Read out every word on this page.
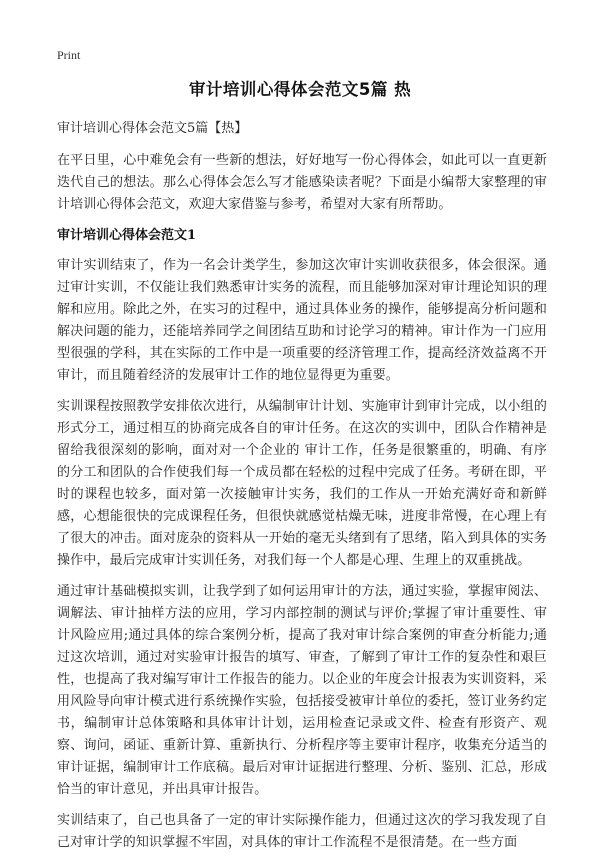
Print
审计培训心得体会范文5篇 热

审计培训心得体会范文5篇【热】

在平日里，心中难免会有一些新的想法，好好地写一份心得体会，如此可以一直更新迭代自己的想法。那么心得体会怎么写才能感染读者呢？下面是小编帮大家整理的审计培训心得体会范文，欢迎大家借鉴与参考，希望对大家有所帮助。

审计培训心得体会范文1

审计实训结束了，作为一名会计类学生，参加这次审计实训收获很多，体会很深。通过审计实训，不仅能让我们熟悉审计实务的流程，而且能够加深对审计理论知识的理解和应用。除此之外，在实习的过程中，通过具体业务的操作，能够提高分析问题和解决问题的能力，还能培养同学之间团结互助和讨论学习的精神。审计作为一门应用型很强的学科，其在实际的工作中是一项重要的经济管理工作，提高经济效益离不开审计，而且随着经济的发展审计工作的地位显得更为重要。

实训课程按照教学安排依次进行，从编制审计计划、实施审计到审计完成，以小组的形式分工，通过相互的协商完成各自的审计任务。在这次的实训中，团队合作精神是留给我很深刻的影响，面对对一个企业的 审计工作，任务是很繁重的，明确、有序的分工和团队的合作使我们每一个成员都在轻松的过程中完成了任务。考研在即，平时的课程也较多，面对第一次接触审计实务，我们的工作从一开始充满好奇和新鲜感，心想能很快的完成课程任务，但很快就感觉枯燥无味，进度非常慢，在心理上有了很大的冲击。面对庞杂的资料从一开始的毫无头绪到有了思绪，陷入到具体的实务操作中，最后完成审计实训任务，对我们每一个人都是心理、生理上的双重挑战。

通过审计基础模拟实训，让我学到了如何运用审计的方法，通过实验，掌握审阅法、调解法、审计抽样方法的应用，学习内部控制的测试与评价;掌握了审计重要性、审计风险应用;通过具体的综合案例分析，提高了我对审计综合案例的审查分析能力;通过这次培训，通过对实验审计报告的填写、审查，了解到了审计工作的复杂性和艰巨性，也提高了我对编写审计工作报告的能力。以企业的年度会计报表为实训资料，采用风险导向审计模式进行系统操作实验，包括接受被审计单位的委托，签订业务约定书，编制审计总体策略和具体审计计划，运用检查记录或文件、检查有形资产、观察、询问，函证、重新计算、重新执行、分析程序等主要审计程序，收集充分适当的审计证据，编制审计工作底稿。最后对审计证据进行整理、分析、鉴别、汇总，形成恰当的审计意见，并出具审计报告。

实训结束了，自己也具备了一定的审计实际操作能力，但通过这次的学习我发现了自己对审计学的知识掌握不牢固，对具体的审计工作流程不是很清楚。在一些方面
